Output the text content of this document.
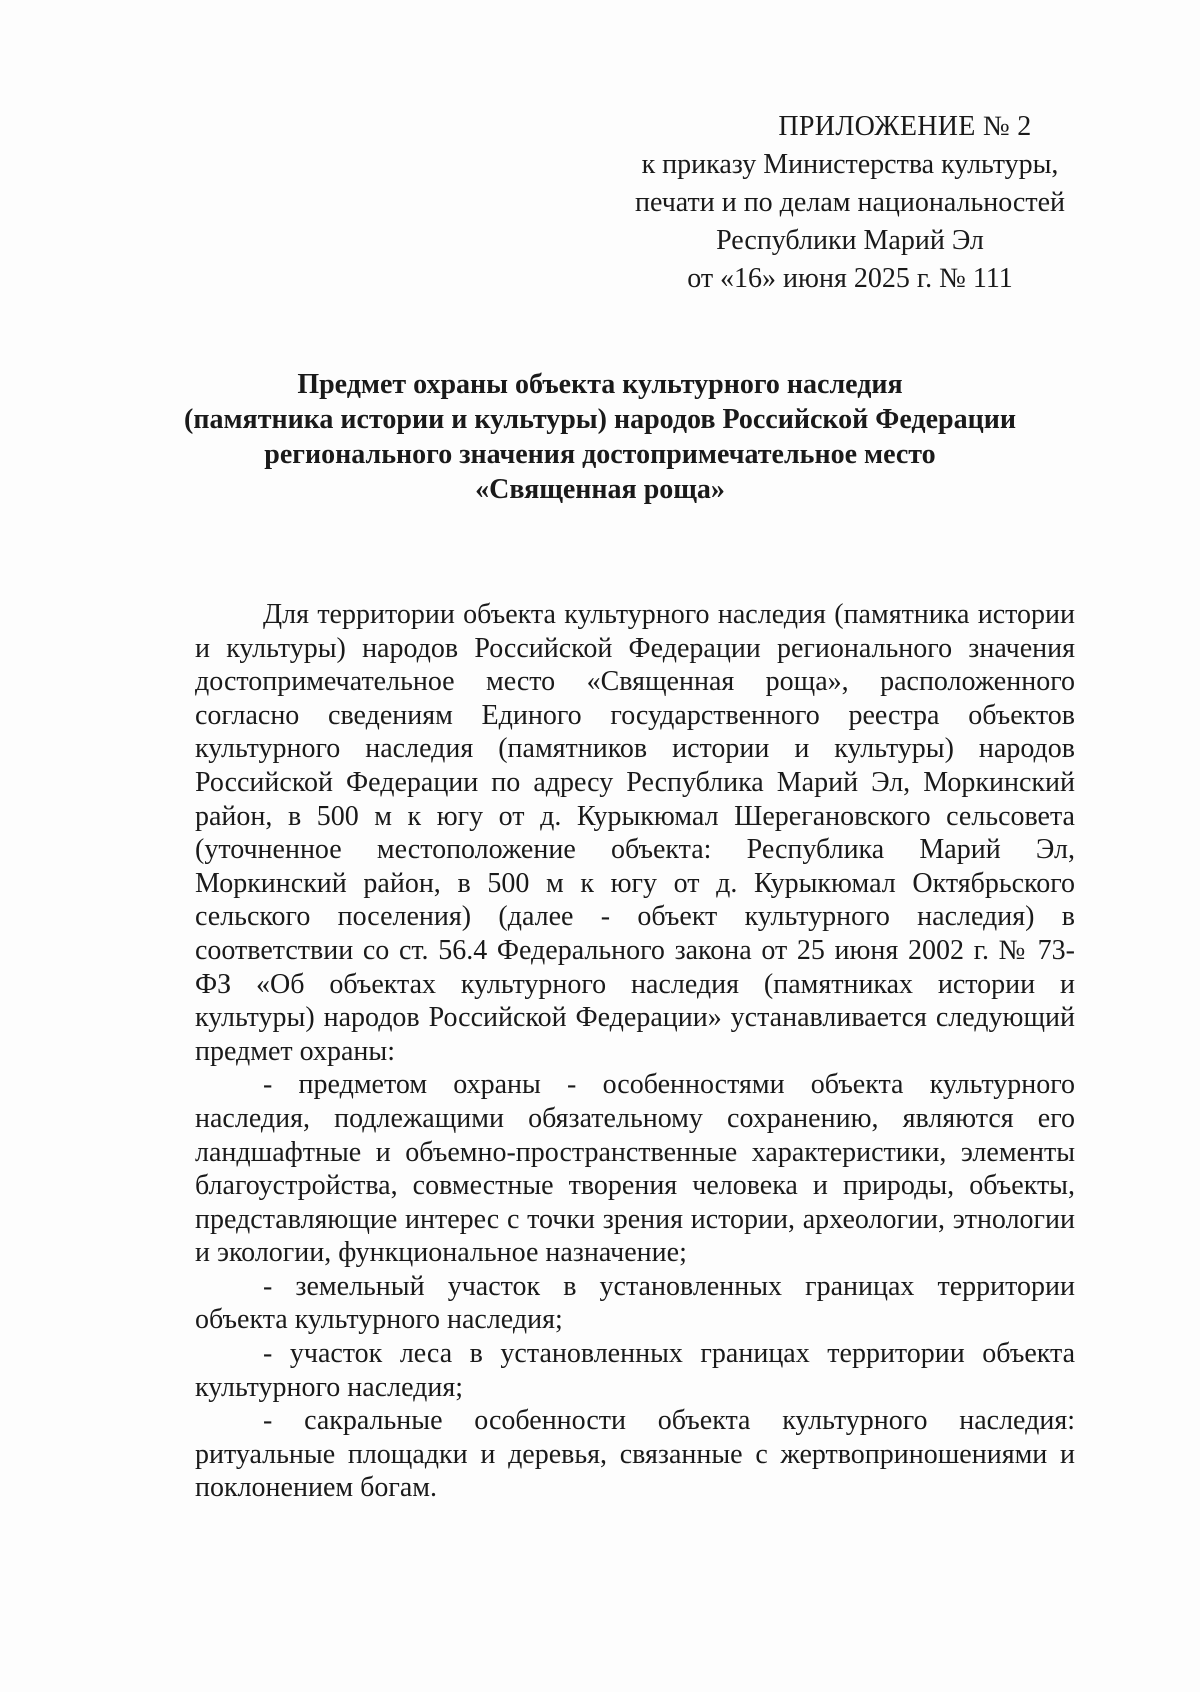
ПРИЛОЖЕНИЕ № 2
к приказу Министерства культуры,
печати и по делам национальностей
Республики Марий Эл
от «16» июня 2025 г. № 111
Предмет охраны объекта культурного наследия
(памятника истории и культуры) народов Российской Федерации
регионального значения достопримечательное место
«Священная роща»

Для территории объекта культурного наследия (памятника истории и культуры) народов Российской Федерации регионального значения достопримечательное место «Священная роща», расположенного согласно сведениям Единого государственного реестра объектов культурного наследия (памятников истории и культуры) народов Российской Федерации по адресу Республика Марий Эл, Моркинский район, в 500 м к югу от д. Курыкюмал Шереганoвского сельсовета (уточненное местоположение объекта: Республика Марий Эл, Моркинский район, в 500 м к югу от д. Курыкюмал Октябрьского сельского поселения) (далее - объект культурного наследия) в соответствии со ст. 56.4 Федерального закона от 25 июня 2002 г. № 73-ФЗ «Об объектах культурного наследия (памятниках истории и культуры) народов Российской Федерации» устанавливается следующий предмет охраны:

- предметом охраны - особенностями объекта культурного наследия, подлежащими обязательному сохранению, являются его ландшафтные и объемно-пространственные характеристики, элементы благоустройства, совместные творения человека и природы, объекты, представляющие интерес с точки зрения истории, археологии, этнологии и экологии, функциональное назначение;

- земельный участок в установленных границах территории объекта культурного наследия;

- участок леса в установленных границах территории объекта культурного наследия;

- сакральные особенности объекта культурного наследия: ритуальные площадки и деревья, связанные с жертвоприношениями и поклонением богам.
